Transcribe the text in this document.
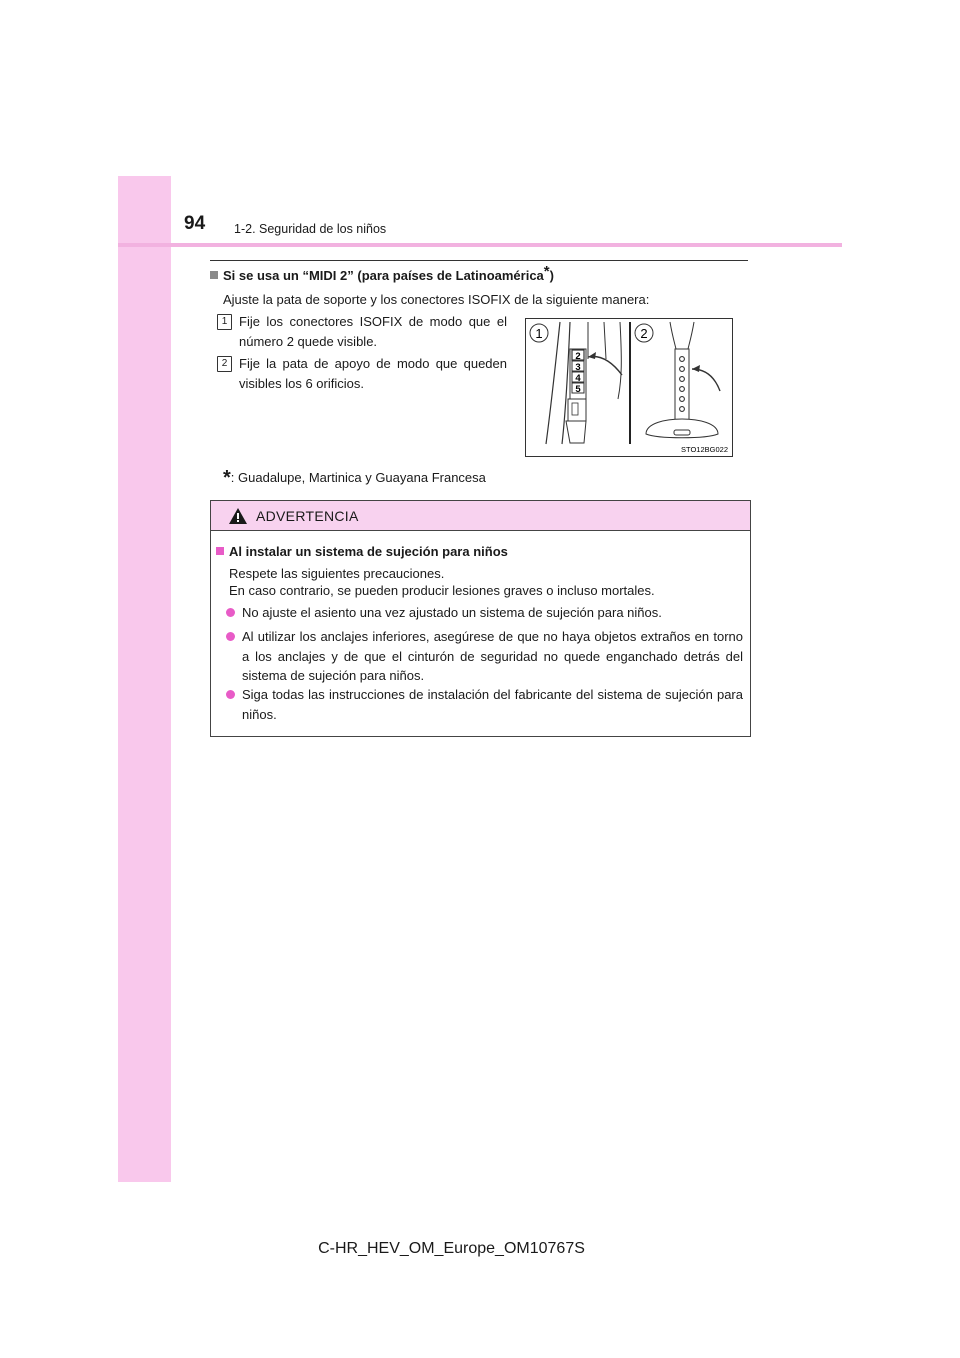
94 1-2. Seguridad de los niños
Si se usa un “MIDI 2” (para países de Latinoamérica*)
Ajuste la pata de soporte y los conectores ISOFIX de la siguiente manera:
1 Fije los conectores ISOFIX de modo que el número 2 quede visible.
2 Fije la pata de apoyo de modo que queden visibles los 6 orificios.
2
3
4
5
1	2
STO12BG022
*: Guadalupe, Martinica y Guayana Francesa
ADVERTENCIA
Al instalar un sistema de sujeción para niños
Respete las siguientes precauciones.
En caso contrario, se pueden producir lesiones graves o incluso mortales.
No ajuste el asiento una vez ajustado un sistema de sujeción para niños.
Al utilizar los anclajes inferiores, asegúrese de que no haya objetos extraños en torno a los anclajes y de que el cinturón de seguridad no quede enganchado detrás del sistema de sujeción para niños.
Siga todas las instrucciones de instalación del fabricante del sistema de sujeción para niños.
C-HR_HEV_OM_Europe_OM10767S
